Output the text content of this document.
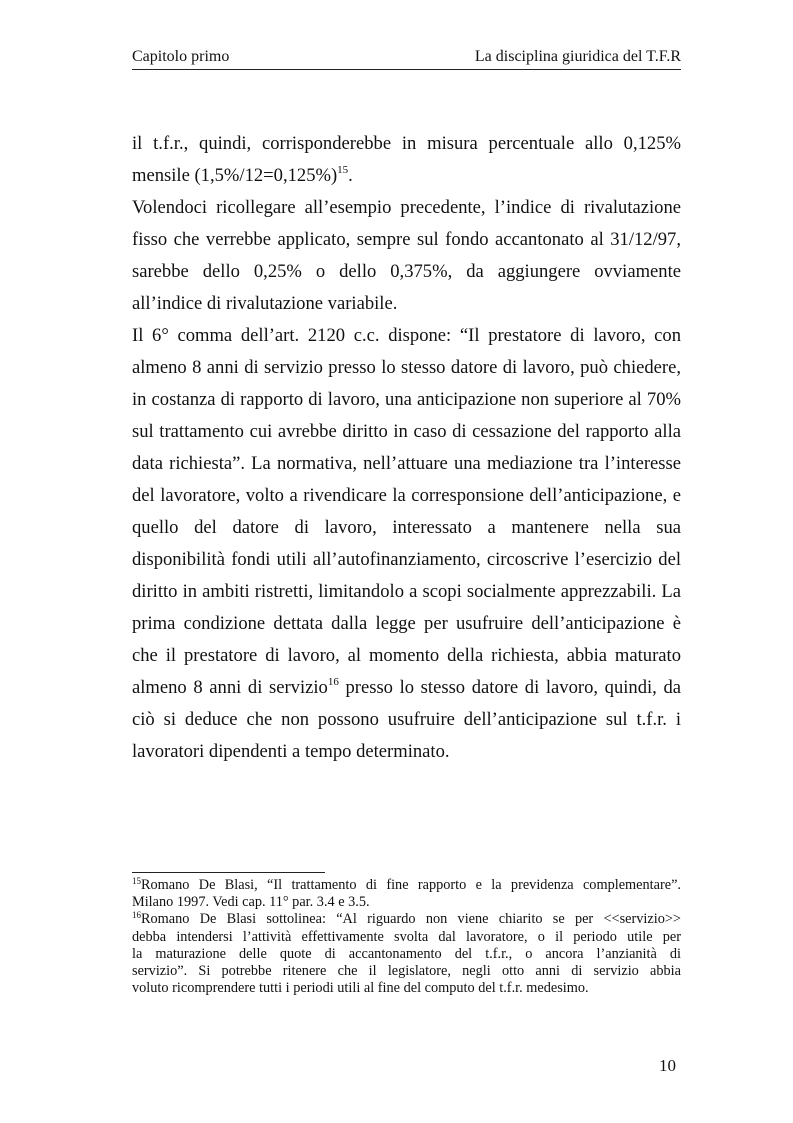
Capitolo primo	La disciplina giuridica del T.F.R

il t.f.r., quindi, corrisponderebbe in misura percentuale allo 0,125%
mensile (1,5%/12=0,125%)$^{15}$.

Volendoci ricollegare all’esempio precedente, l’indice di rivalutazione
fisso che verrebbe applicato, sempre sul fondo accantonato al 31/12/97,
sarebbe dello 0,25% o dello 0,375%, da aggiungere ovviamente
all’indice di rivalutazione variabile.

Il 6° comma dell’art. 2120 c.c. dispone: “Il prestatore di lavoro, con
almeno 8 anni di servizio presso lo stesso datore di lavoro, può chiedere,
in costanza di rapporto di lavoro, una anticipazione non superiore al 70%
sul trattamento cui avrebbe diritto in caso di cessazione del rapporto alla
data richiesta”. La normativa, nell’attuare una mediazione tra l’interesse
del lavoratore, volto a rivendicare la corresponsione dell’anticipazione, e
quello del datore di lavoro, interessato a mantenere nella sua
disponibilità fondi utili all’autofinanziamento, circoscrive l’esercizio del
diritto in ambiti ristretti, limitandolo a scopi socialmente apprezzabili. La
prima condizione dettata dalla legge per usufruire dell’anticipazione è
che il prestatore di lavoro, al momento della richiesta, abbia maturato
almeno 8 anni di servizio$^{16}$ presso lo stesso datore di lavoro, quindi, da
ciò si deduce che non possono usufruire dell’anticipazione sul t.f.r. i
lavoratori dipendenti a tempo determinato.

$^{15}$Romano De Blasi, “Il trattamento di fine rapporto e la previdenza complementare”.
Milano 1997. Vedi cap. 11° par. 3.4 e 3.5.

$^{16}$Romano De Blasi sottolinea: “Al riguardo non viene chiarito se per <<servizio>>
debba intendersi l’attività effettivamente svolta dal lavoratore, o il periodo utile per
la maturazione delle quote di accantonamento del t.f.r., o ancora l’anzianità di
servizio”. Si potrebbe ritenere che il legislatore, negli otto anni di servizio abbia
voluto ricomprendere tutti i periodi utili al fine del computo del t.f.r. medesimo.

10
